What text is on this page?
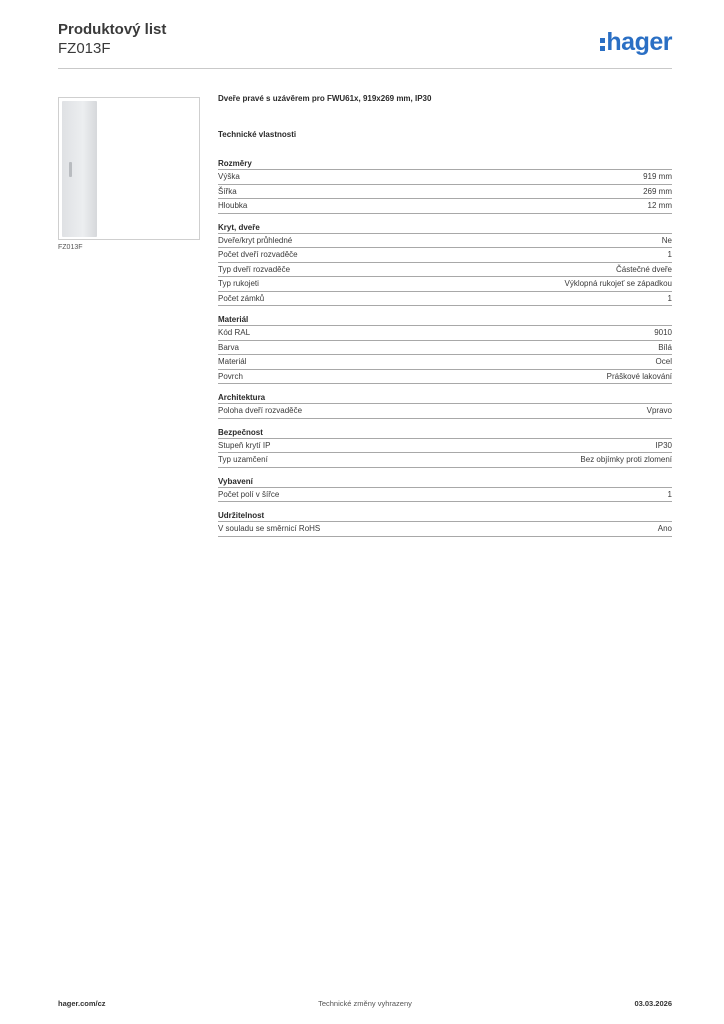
Produktový list
FZ013F	hager
FZ013F
Dveře pravé s uzávěrem pro FWU61x, 919x269 mm, IP30
Technické vlastnosti
Rozměry
Výška	919 mm
Šířka	269 mm
Hloubka	12 mm
Kryt, dveře
Dveře/kryt průhledné	Ne
Počet dveří rozvaděče	1
Typ dveří rozvaděče	Částečné dveře
Typ rukojeti	Výklopná rukojeť se západkou
Počet zámků	1
Materiál
Kód RAL	9010
Barva	Bílá
Materiál	Ocel
Povrch	Práškové lakování
Architektura
Poloha dveří rozvaděče	Vpravo
Bezpečnost
Stupeň krytí IP	IP30
Typ uzamčení	Bez objímky proti zlomení
Vybavení
Počet polí v šířce	1
Udržitelnost
V souladu se směrnicí RoHS	Ano
hager.com/cz	Technické změny vyhrazeny	03.03.2026
